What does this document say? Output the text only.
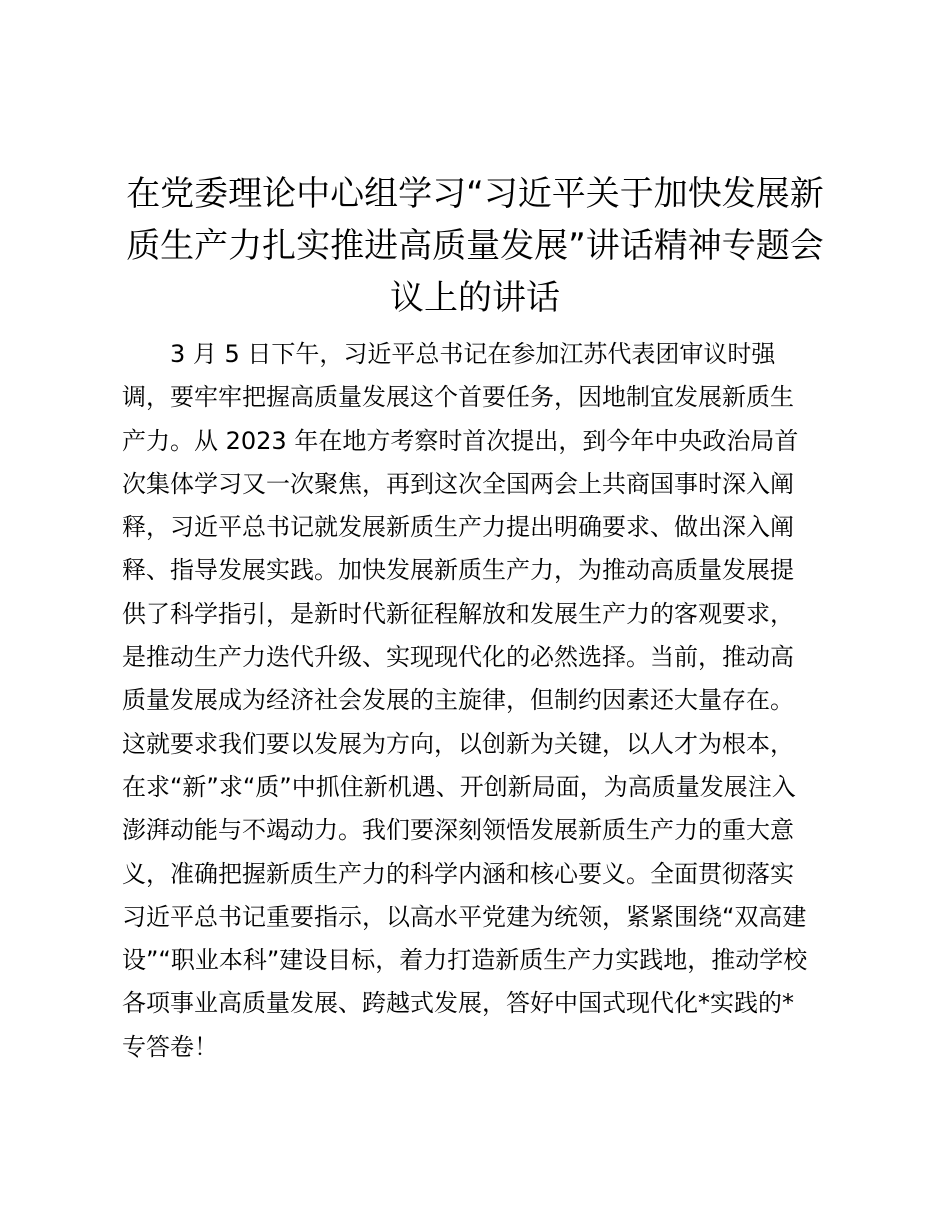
在党委理论中心组学习“习近平关于加快发展新
质生产力扎实推进高质量发展”讲话精神专题会
议上的讲话
　　3 月 5 日下午，习近平总书记在参加江苏代表团审议时强
调，要牢牢把握高质量发展这个首要任务，因地制宜发展新质生
产力。从 2023 年在地方考察时首次提出，到今年中央政治局首
次集体学习又一次聚焦，再到这次全国两会上共商国事时深入阐
释，习近平总书记就发展新质生产力提出明确要求、做出深入阐
释、指导发展实践。加快发展新质生产力，为推动高质量发展提
供了科学指引，是新时代新征程解放和发展生产力的客观要求，
是推动生产力迭代升级、实现现代化的必然选择。当前，推动高
质量发展成为经济社会发展的主旋律，但制约因素还大量存在。
这就要求我们要以发展为方向，以创新为关键，以人才为根本，
在求“新”求“质”中抓住新机遇、开创新局面，为高质量发展注入
澎湃动能与不竭动力。我们要深刻领悟发展新质生产力的重大意
义，准确把握新质生产力的科学内涵和核心要义。全面贯彻落实
习近平总书记重要指示，以高水平党建为统领，紧紧围绕“双高建
设”“职业本科”建设目标，着力打造新质生产力实践地，推动学校
各项事业高质量发展、跨越式发展，答好中国式现代化*实践的*
专答卷！
